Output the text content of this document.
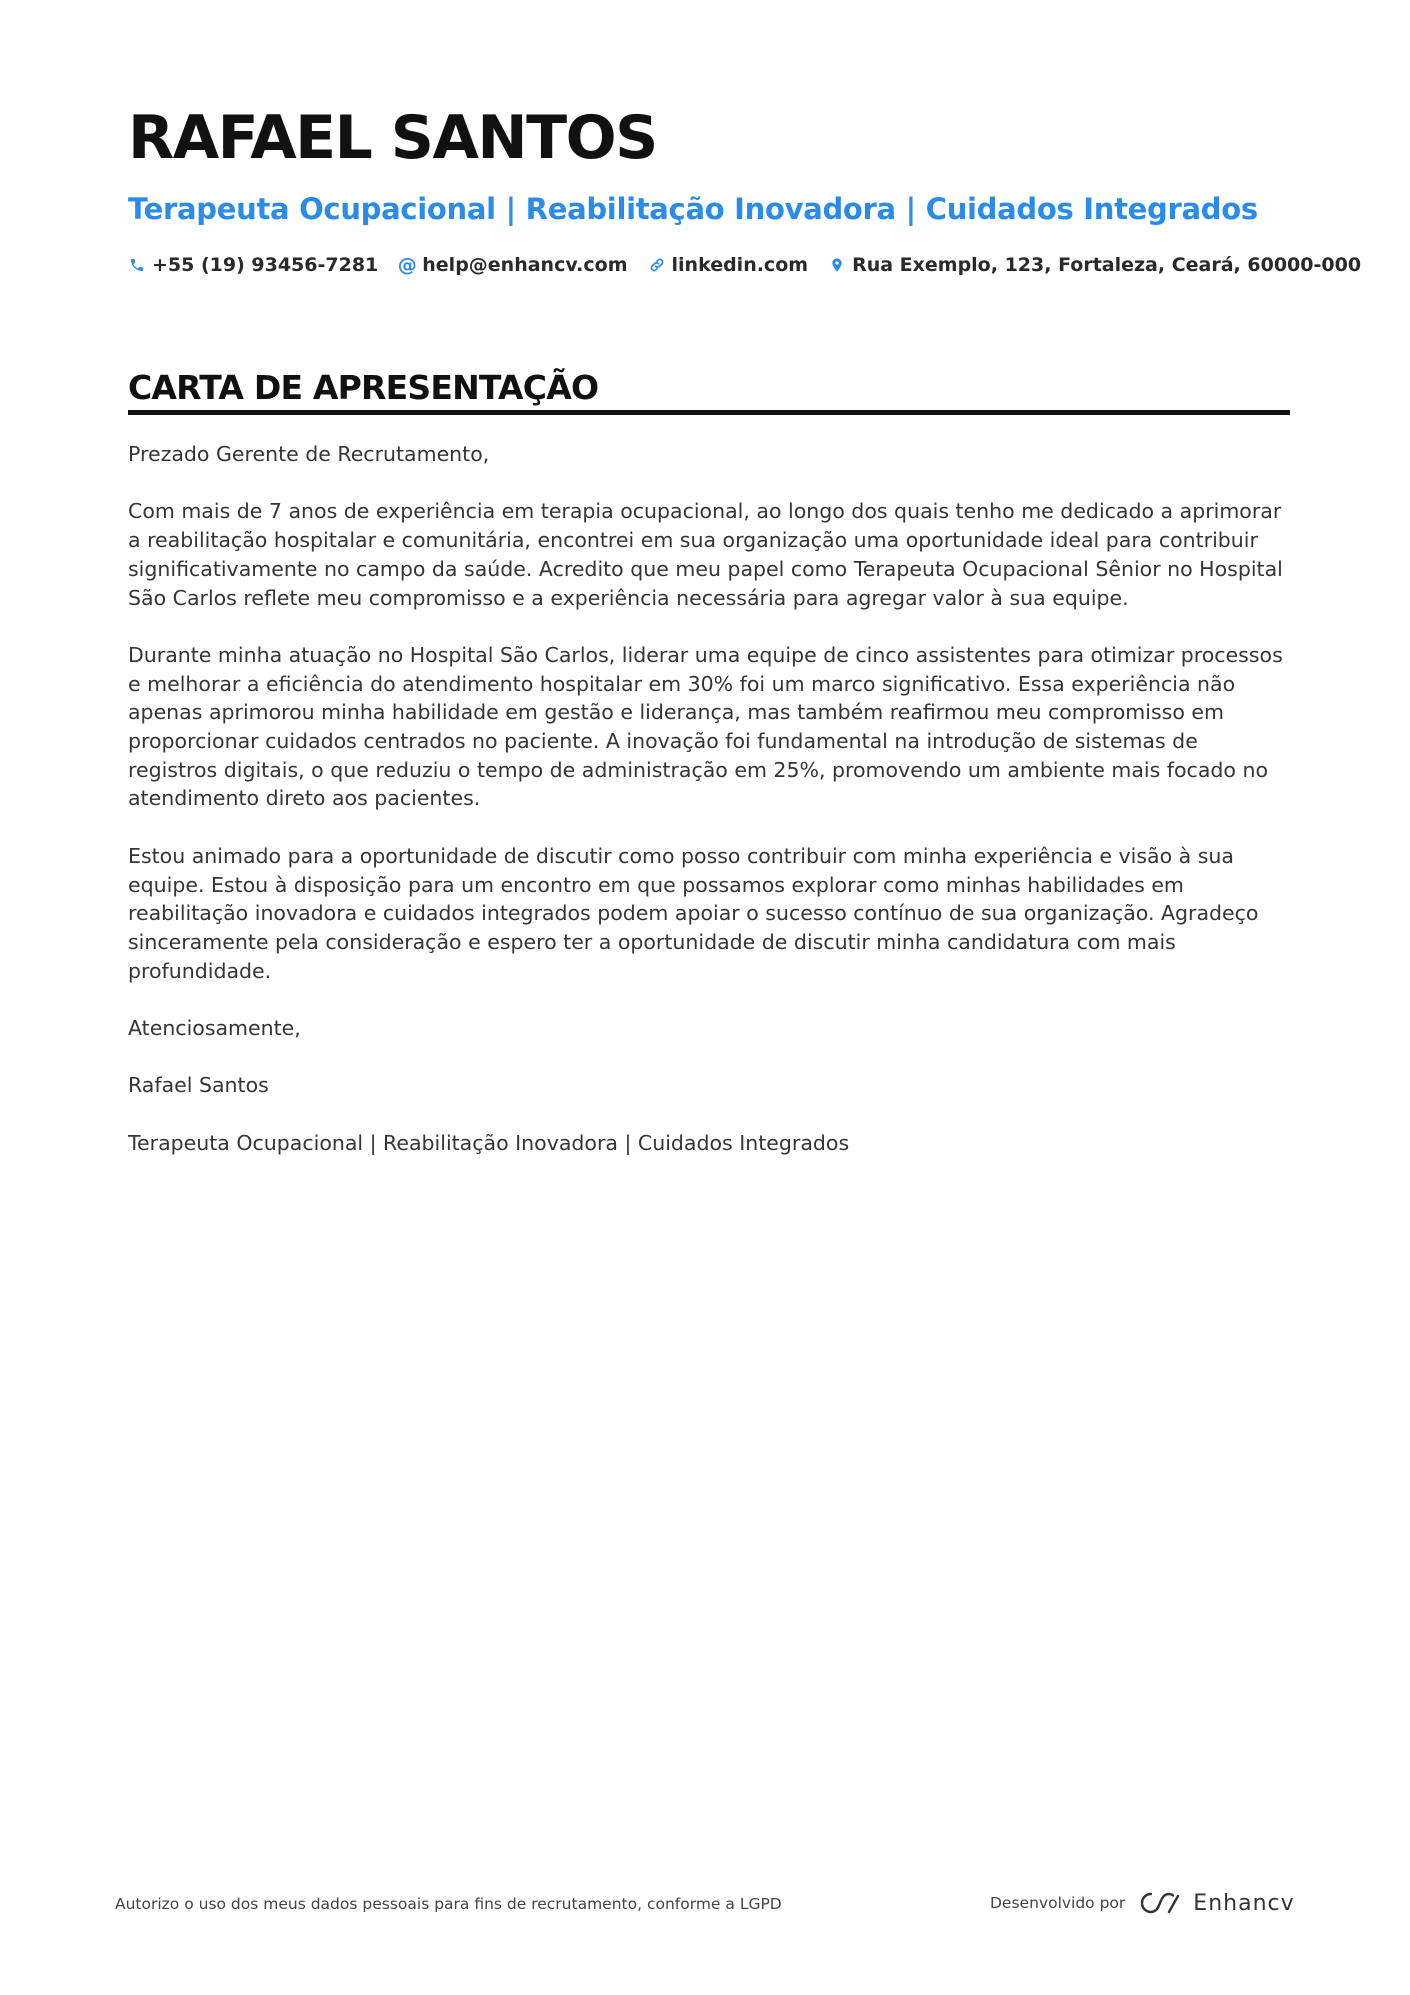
RAFAEL SANTOS
Terapeuta Ocupacional | Reabilitação Inovadora | Cuidados Integrados
+55 (19) 93456-7281 @ help@enhancv.com linkedin.com Rua Exemplo, 123, Fortaleza, Ceará, 60000-000
CARTA DE APRESENTAÇÃO

Prezado Gerente de Recrutamento,

Com mais de 7 anos de experiência em terapia ocupacional, ao longo dos quais tenho me dedicado a aprimorar a reabilitação hospitalar e comunitária, encontrei em sua organização uma oportunidade ideal para contribuir significativamente no campo da saúde. Acredito que meu papel como Terapeuta Ocupacional Sênior no Hospital São Carlos reflete meu compromisso e a experiência necessária para agregar valor à sua equipe.

Durante minha atuação no Hospital São Carlos, liderar uma equipe de cinco assistentes para otimizar processos e melhorar a eficiência do atendimento hospitalar em 30% foi um marco significativo. Essa experiência não apenas aprimorou minha habilidade em gestão e liderança, mas também reafirmou meu compromisso em proporcionar cuidados centrados no paciente. A inovação foi fundamental na introdução de sistemas de registros digitais, o que reduziu o tempo de administração em 25%, promovendo um ambiente mais focado no atendimento direto aos pacientes.

Estou animado para a oportunidade de discutir como posso contribuir com minha experiência e visão à sua equipe. Estou à disposição para um encontro em que possamos explorar como minhas habilidades em reabilitação inovadora e cuidados integrados podem apoiar o sucesso contínuo de sua organização. Agradeço sinceramente pela consideração e espero ter a oportunidade de discutir minha candidatura com mais profundidade.

Atenciosamente,

Rafael Santos

Terapeuta Ocupacional | Reabilitação Inovadora | Cuidados Integrados

Autorizo o uso dos meus dados pessoais para fins de recrutamento, conforme a LGPD	Desenvolvido por	Enhancv
